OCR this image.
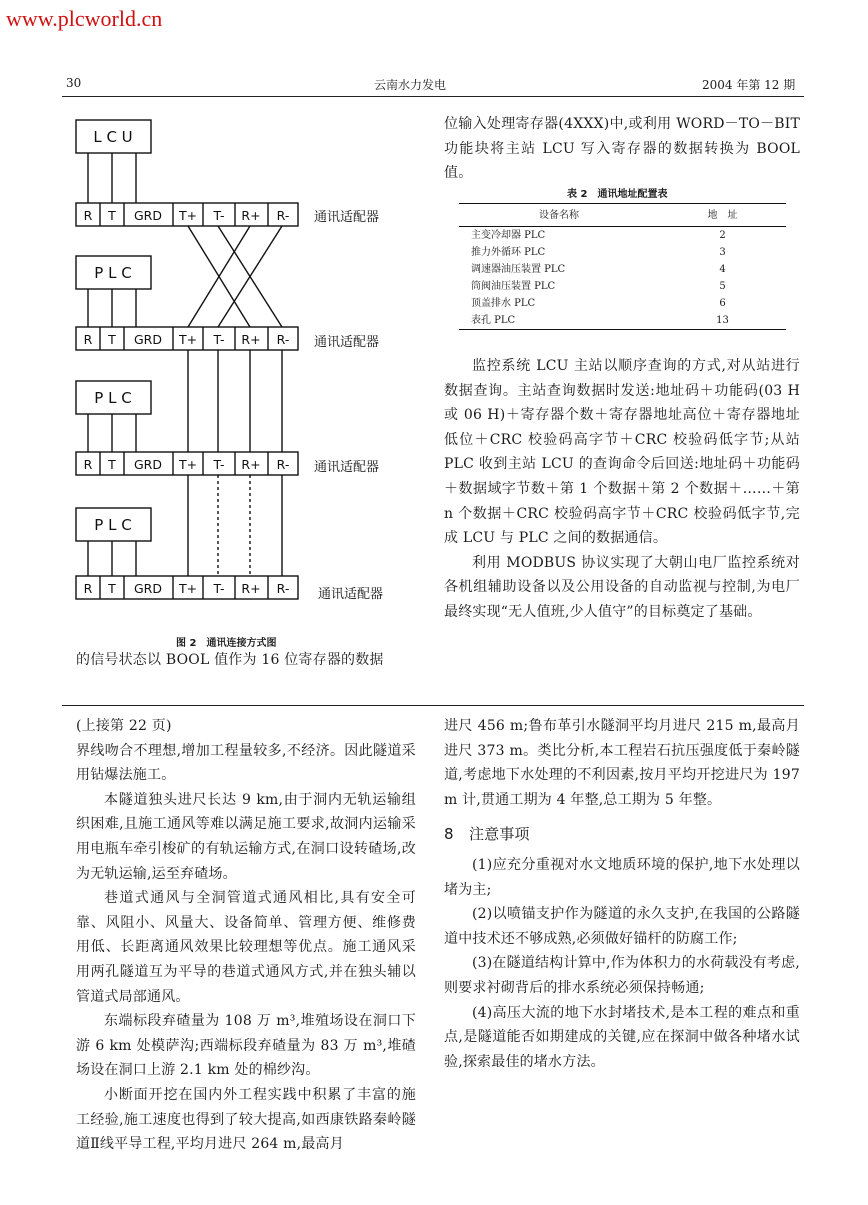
www.plcworld.cn
30	云南水力发电	2004 年第 12 期
L C U
P L C
P L C
P L C
R T GRD T+ T- R+ R-
R T GRD T+ T- R+ R-
R T GRD T+ T- R+ R-
R T GRD T+ T- R+ R-
通讯适配器
通讯适配器
通讯适配器
通讯适配器
图 2　通讯连接方式图

的信号状态以 BOOL 值作为 16 位寄存器的数据

位输入处理寄存器(4XXX)中,或利用 WORD－TO－BIT 功能块将主站 LCU 写入寄存器的数据转换为 BOOL值。

表 2　通讯地址配置表
设备名称	地　址
主变冷却器 PLC	2
推力外循环 PLC	3
调速器油压装置 PLC	4
筒阀油压装置 PLC	5
顶盖排水 PLC	6
表孔 PLC	13

监控系统 LCU 主站以顺序查询的方式,对从站进行数据查询。主站查询数据时发送:地址码＋功能码(03 H 或 06 H)＋寄存器个数＋寄存器地址高位＋寄存器地址低位＋CRC 校验码高字节＋CRC 校验码低字节;从站 PLC 收到主站 LCU 的查询命令后回送:地址码＋功能码＋数据域字节数＋第 1 个数据＋第 2 个数据＋……＋第 n 个数据＋CRC 校验码高字节＋CRC 校验码低字节,完成 LCU 与 PLC 之间的数据通信。

利用 MODBUS 协议实现了大朝山电厂监控系统对各机组辅助设备以及公用设备的自动监视与控制,为电厂最终实现“无人值班,少人值守”的目标奠定了基础。

(上接第 22 页)

界线吻合不理想,增加工程量较多,不经济。因此隧道采用钻爆法施工。

本隧道独头进尺长达 9 km,由于洞内无轨运输组织困难,且施工通风等难以满足施工要求,故洞内运输采用电瓶车牵引梭矿的有轨运输方式,在洞口设转碴场,改为无轨运输,运至弃碴场。

巷道式通风与全洞管道式通风相比,具有安全可靠、风阻小、风量大、设备简单、管理方便、维修费用低、长距离通风效果比较理想等优点。施工通风采用两孔隧道互为平导的巷道式通风方式,并在独头辅以管道式局部通风。

东端标段弃碴量为 108 万 m³,堆殖场设在洞口下游 6 km 处模萨沟;西端标段弃碴量为 83 万 m³,堆碴场设在洞口上游 2.1 km 处的棉纱沟。

小断面开挖在国内外工程实践中积累了丰富的施工经验,施工速度也得到了较大提高,如西康铁路秦岭隧道Ⅱ线平导工程,平均月进尺 264 m,最高月

进尺 456 m;鲁布革引水隧洞平均月进尺 215 m,最高月进尺 373 m。类比分析,本工程岩石抗压强度低于秦岭隧道,考虑地下水处理的不利因素,按月平均开挖进尺为 197 m 计,贯通工期为 4 年整,总工期为 5 年整。

8　注意事项

(1)应充分重视对水文地质环境的保护,地下水处理以堵为主;

(2)以喷锚支护作为隧道的永久支护,在我国的公路隧道中技术还不够成熟,必须做好锚杆的防腐工作;

(3)在隧道结构计算中,作为体积力的水荷载没有考虑,则要求衬砌背后的排水系统必须保持畅通;

(4)高压大流的地下水封堵技术,是本工程的难点和重点,是隧道能否如期建成的关键,应在探洞中做各种堵水试验,探索最佳的堵水方法。
